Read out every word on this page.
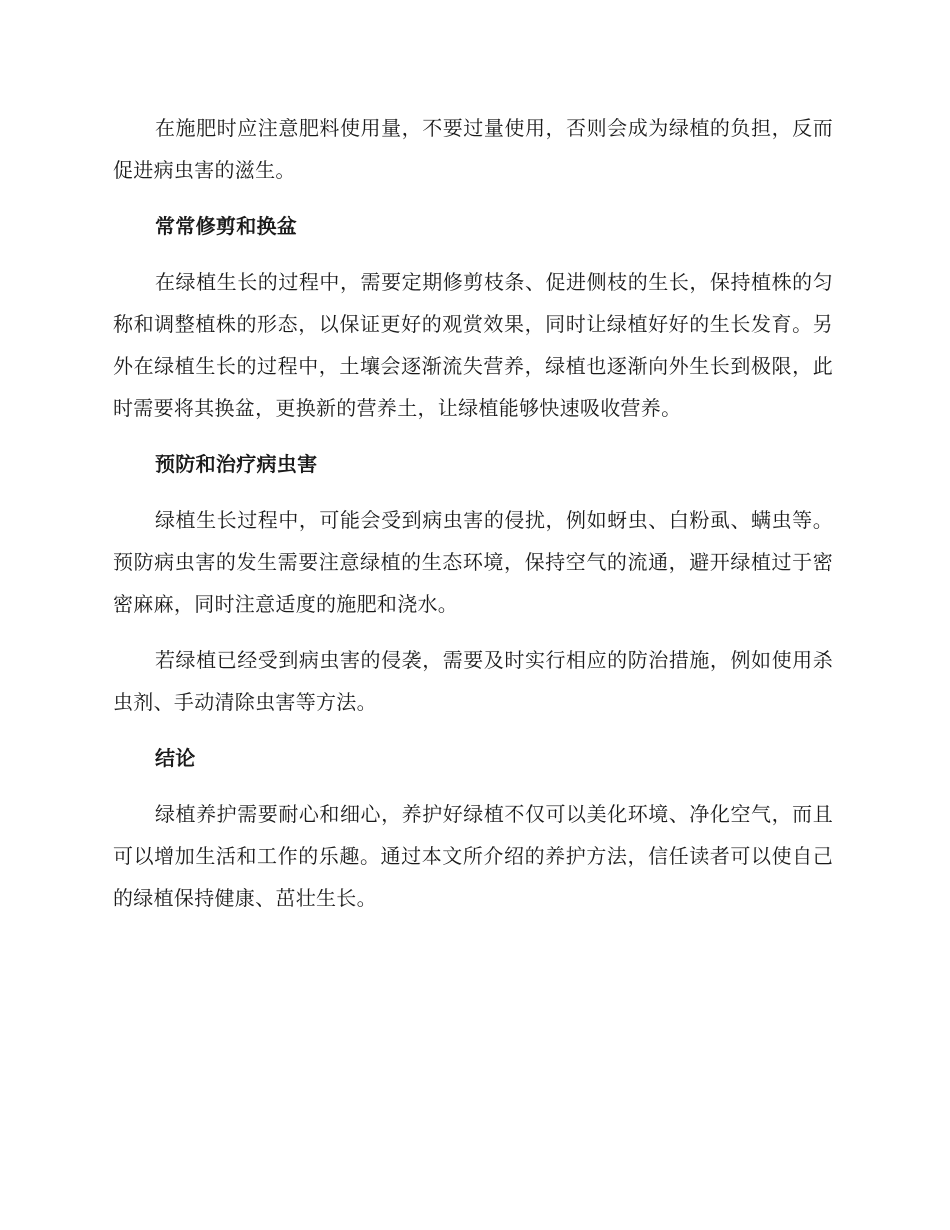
在施肥时应注意肥料使用量，不要过量使用，否则会成为绿植的负担，反而促进病虫害的滋生。

常常修剪和换盆

在绿植生长的过程中，需要定期修剪枝条、促进侧枝的生长，保持植株的匀称和调整植株的形态，以保证更好的观赏效果，同时让绿植好好的生长发育。另外在绿植生长的过程中，土壤会逐渐流失营养，绿植也逐渐向外生长到极限，此时需要将其换盆，更换新的营养土，让绿植能够快速吸收营养。

预防和治疗病虫害

绿植生长过程中，可能会受到病虫害的侵扰，例如蚜虫、白粉虱、螨虫等。预防病虫害的发生需要注意绿植的生态环境，保持空气的流通，避开绿植过于密密麻麻，同时注意适度的施肥和浇水。

若绿植已经受到病虫害的侵袭，需要及时实行相应的防治措施，例如使用杀虫剂、手动清除虫害等方法。

结论

绿植养护需要耐心和细心，养护好绿植不仅可以美化环境、净化空气，而且可以增加生活和工作的乐趣。通过本文所介绍的养护方法，信任读者可以使自己的绿植保持健康、茁壮生长。
